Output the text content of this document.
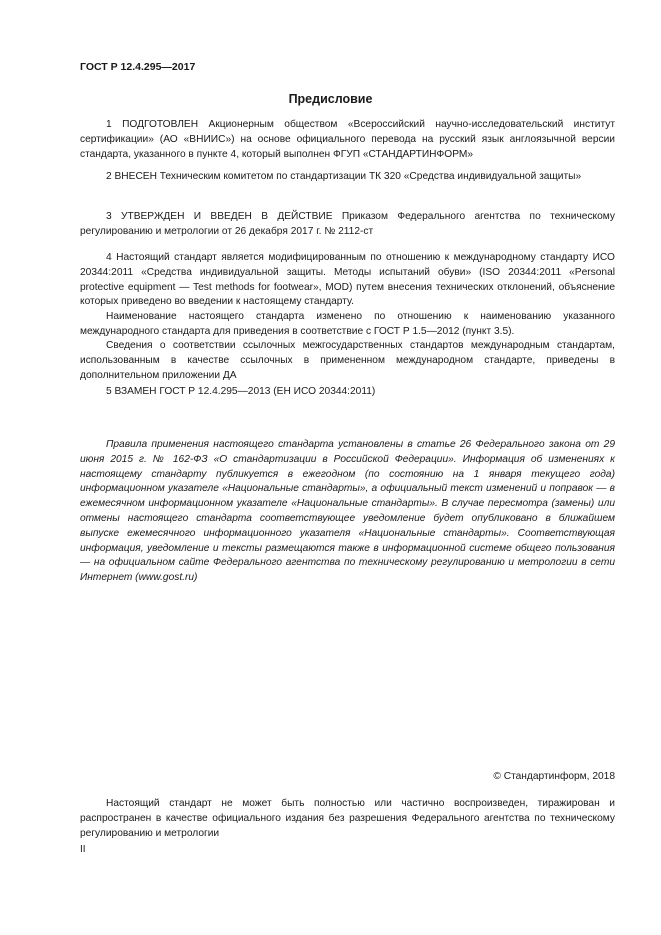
ГОСТ Р 12.4.295—2017
Предисловие

1 ПОДГОТОВЛЕН Акционерным обществом «Всероссийский научно-исследовательский институт сертификации» (АО «ВНИИС») на основе официального перевода на русский язык англоязычной версии стандарта, указанного в пункте 4, который выполнен ФГУП «СТАНДАРТИНФОРМ»

2 ВНЕСЕН Техническим комитетом по стандартизации ТК 320 «Средства индивидуальной защиты»

3 УТВЕРЖДЕН И ВВЕДЕН В ДЕЙСТВИЕ Приказом Федерального агентства по техническому регулированию и метрологии от 26 декабря 2017 г. № 2112-ст

4 Настоящий стандарт является модифицированным по отношению к международному стандарту ИСО 20344:2011 «Средства индивидуальной защиты. Методы испытаний обуви» (ISO 20344:2011 «Personal protective equipment — Test methods for footwear», MOD) путем внесения технических отклонений, объяснение которых приведено во введении к настоящему стандарту.

Наименование настоящего стандарта изменено по отношению к наименованию указанного международного стандарта для приведения в соответствие с ГОСТ Р 1.5—2012 (пункт 3.5).

Сведения о соответствии ссылочных межгосударственных стандартов международным стандартам, использованным в качестве ссылочных в примененном международном стандарте, приведены в дополнительном приложении ДА

5 ВЗАМЕН ГОСТ Р 12.4.295—2013 (ЕН ИСО 20344:2011)

Правила применения настоящего стандарта установлены в статье 26 Федерального закона от 29 июня 2015 г. № 162-ФЗ «О стандартизации в Российской Федерации». Информация об изменениях к настоящему стандарту публикуется в ежегодном (по состоянию на 1 января текущего года) информационном указателе «Национальные стандарты», а официальный текст изменений и поправок — в ежемесячном информационном указателе «Национальные стандарты». В случае пересмотра (замены) или отмены настоящего стандарта соответствующее уведомление будет опубликовано в ближайшем выпуске ежемесячного информационного указателя «Национальные стандарты». Соответствующая информация, уведомление и тексты размещаются также в информационной системе общего пользования — на официальном сайте Федерального агентства по техническому регулированию и метрологии в сети Интернет (www.gost.ru)

© Стандартинформ, 2018

Настоящий стандарт не может быть полностью или частично воспроизведен, тиражирован и распространен в качестве официального издания без разрешения Федерального агентства по техническому регулированию и метрологии

II
